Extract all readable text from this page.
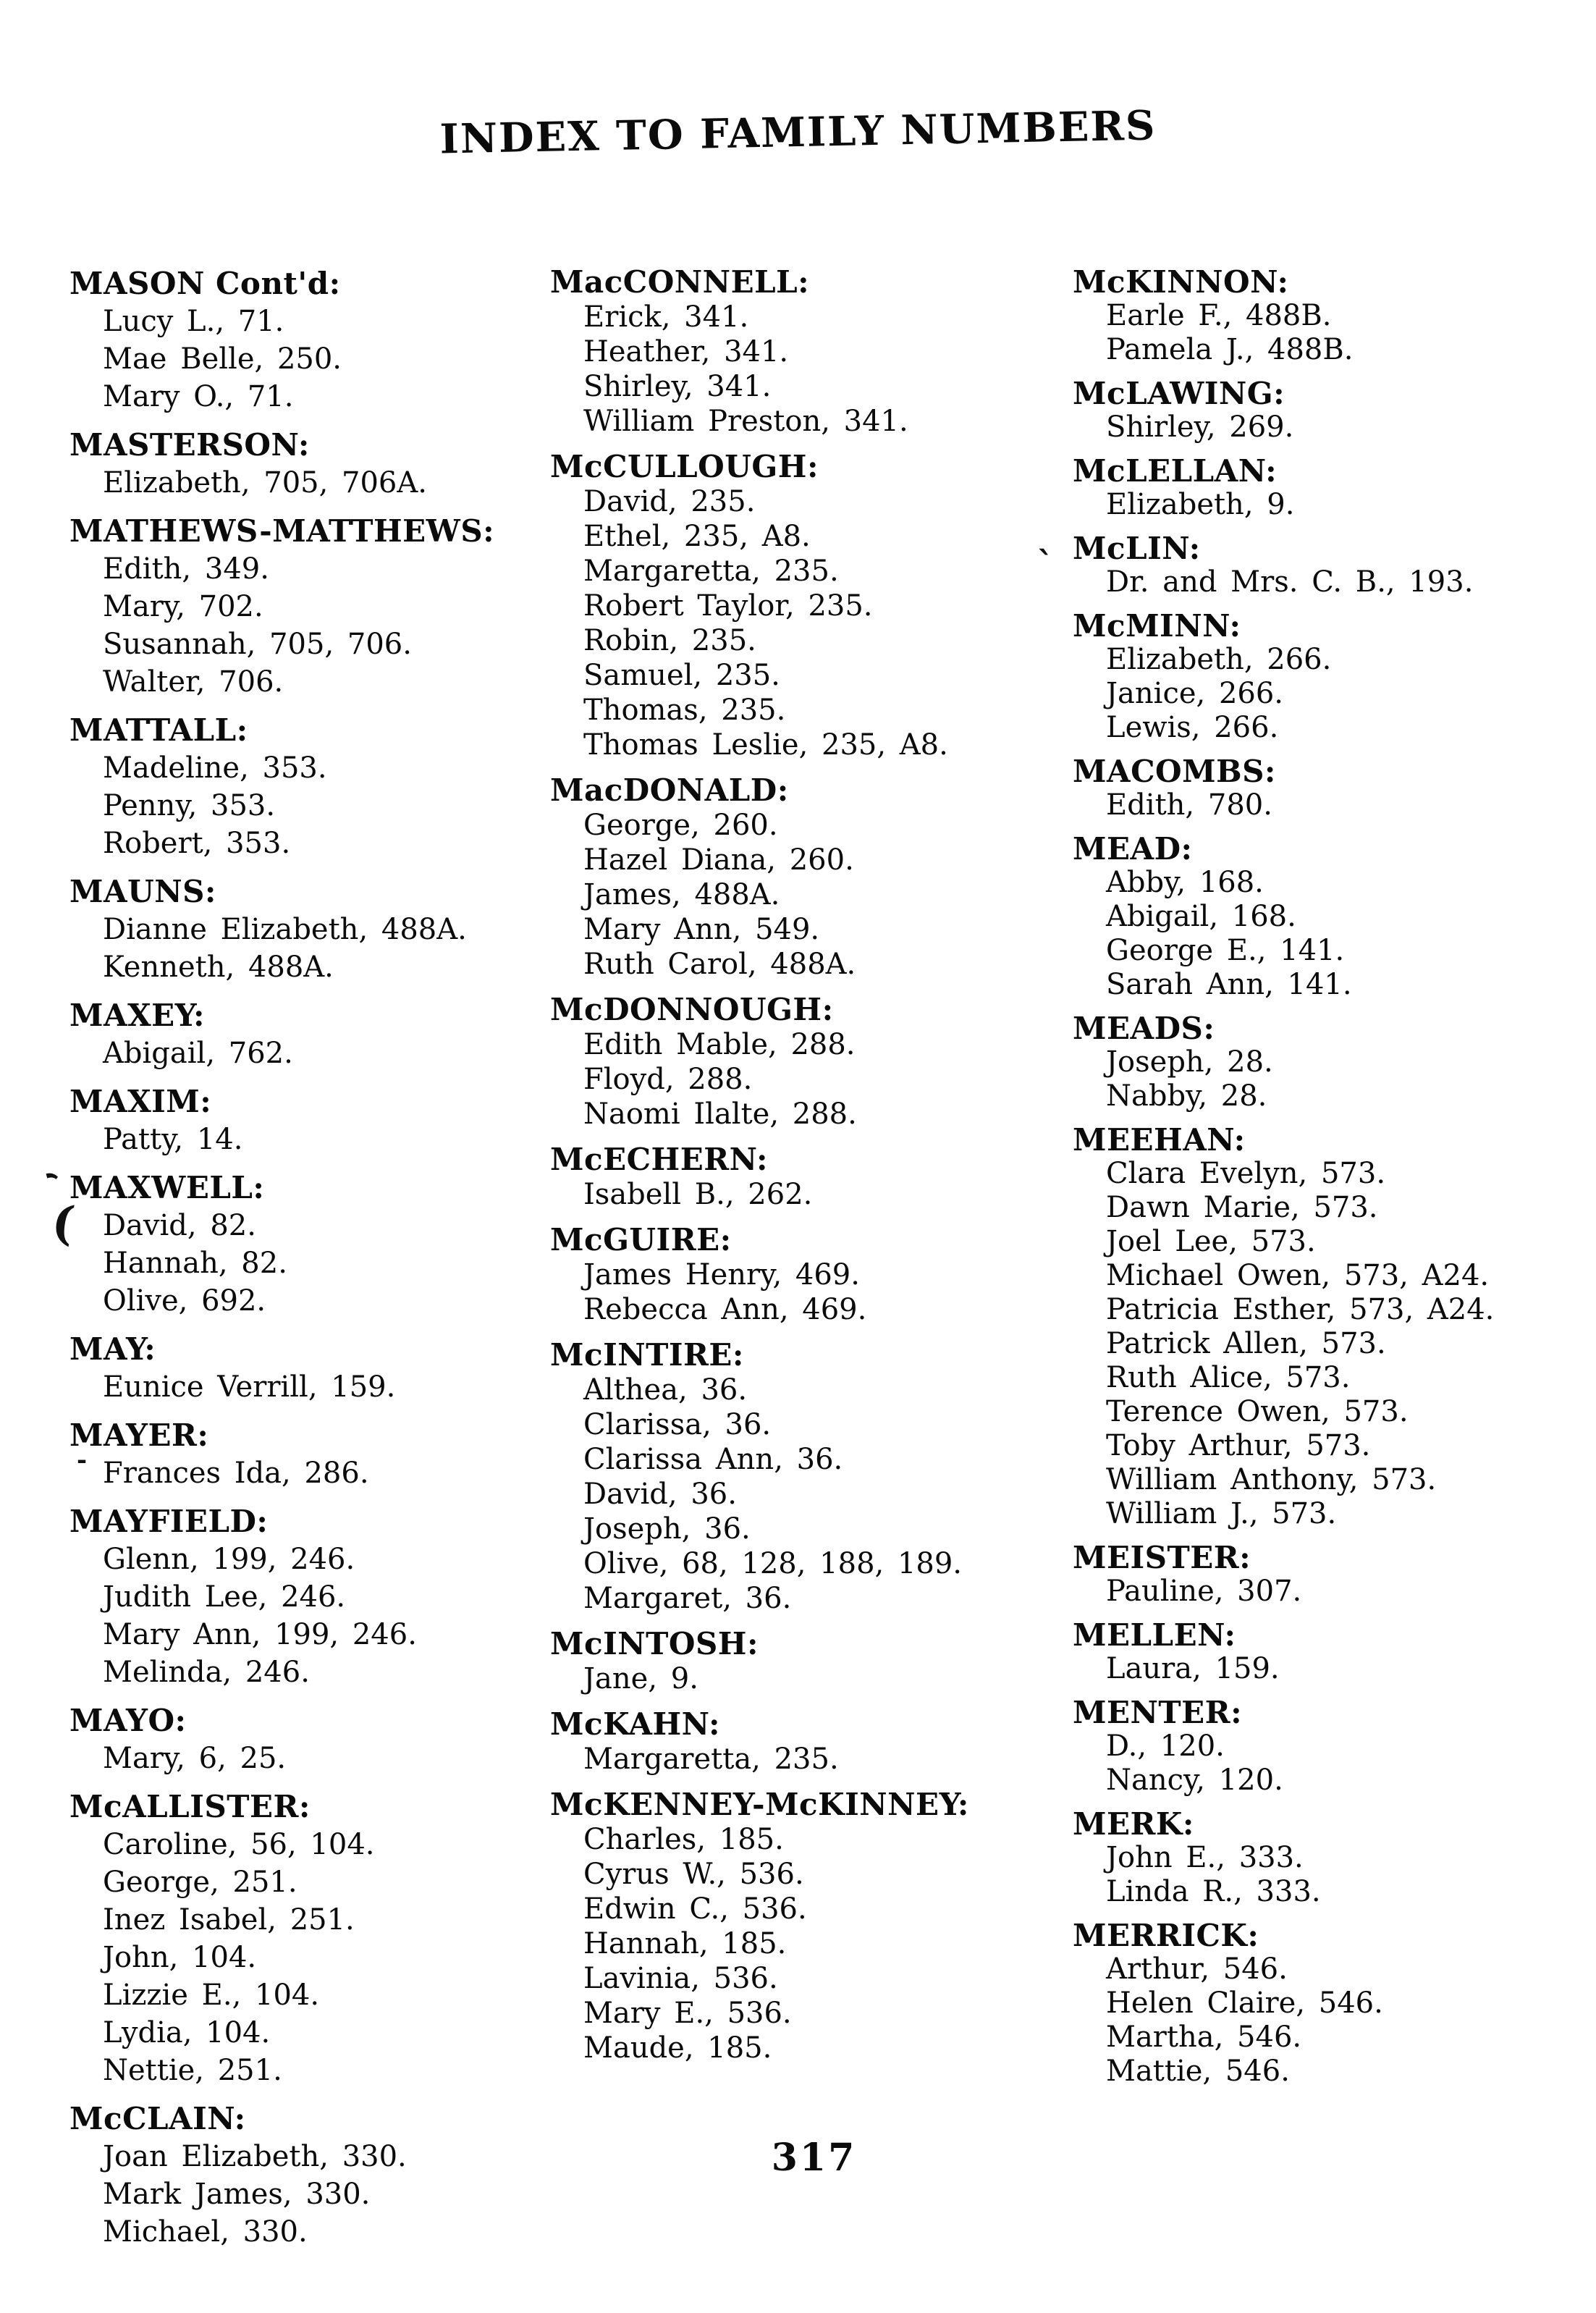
INDEX TO FAMILY NUMBERS
MASON Cont'd:

Lucy L., 71.

Mae Belle, 250.

Mary O., 71.

MASTERSON:

Elizabeth, 705, 706A.

MATHEWS-MATTHEWS:

Edith, 349.

Mary, 702.

Susannah, 705, 706.

Walter, 706.

MATTALL:

Madeline, 353.

Penny, 353.

Robert, 353.

MAUNS:

Dianne Elizabeth, 488A.

Kenneth, 488A.

MAXEY:

Abigail, 762.

MAXIM:

Patty, 14.

MAXWELL:

David, 82.

Hannah, 82.

Olive, 692.

MAY:

Eunice Verrill, 159.

MAYER:

Frances Ida, 286.

MAYFIELD:

Glenn, 199, 246.

Judith Lee, 246.

Mary Ann, 199, 246.

Melinda, 246.

MAYO:

Mary, 6, 25.

McALLISTER:

Caroline, 56, 104.

George, 251.

Inez Isabel, 251.

John, 104.

Lizzie E., 104.

Lydia, 104.

Nettie, 251.

McCLAIN:

Joan Elizabeth, 330.

Mark James, 330.

Michael, 330.

MacCONNELL:

Erick, 341.

Heather, 341.

Shirley, 341.

William Preston, 341.

McCULLOUGH:

David, 235.

Ethel, 235, A8.

Margaretta, 235.

Robert Taylor, 235.

Robin, 235.

Samuel, 235.

Thomas, 235.

Thomas Leslie, 235, A8.

MacDONALD:

George, 260.

Hazel Diana, 260.

James, 488A.

Mary Ann, 549.

Ruth Carol, 488A.

McDONNOUGH:

Edith Mable, 288.

Floyd, 288.

Naomi Ilalte, 288.

McECHERN:

Isabell B., 262.

McGUIRE:

James Henry, 469.

Rebecca Ann, 469.

McINTIRE:

Althea, 36.

Clarissa, 36.

Clarissa Ann, 36.

David, 36.

Joseph, 36.

Olive, 68, 128, 188, 189.

Margaret, 36.

McINTOSH:

Jane, 9.

McKAHN:

Margaretta, 235.

McKENNEY-McKINNEY:

Charles, 185.

Cyrus W., 536.

Edwin C., 536.

Hannah, 185.

Lavinia, 536.

Mary E., 536.

Maude, 185.

McKINNON:

Earle F., 488B.

Pamela J., 488B.

McLAWING:

Shirley, 269.

McLELLAN:

Elizabeth, 9.

McLIN:

Dr. and Mrs. C. B., 193.

McMINN:

Elizabeth, 266.

Janice, 266.

Lewis, 266.

MACOMBS:

Edith, 780.

MEAD:

Abby, 168.

Abigail, 168.

George E., 141.

Sarah Ann, 141.

MEADS:

Joseph, 28.

Nabby, 28.

MEEHAN:

Clara Evelyn, 573.

Dawn Marie, 573.

Joel Lee, 573.

Michael Owen, 573, A24.

Patricia Esther, 573, A24.

Patrick Allen, 573.

Ruth Alice, 573.

Terence Owen, 573.

Toby Arthur, 573.

William Anthony, 573.

William J., 573.

MEISTER:

Pauline, 307.

MELLEN:

Laura, 159.

MENTER:

D., 120.

Nancy, 120.

MERK:

John E., 333.

Linda R., 333.

MERRICK:

Arthur, 546.

Helen Claire, 546.

Martha, 546.

Mattie, 546.

317
,
(
`
-
